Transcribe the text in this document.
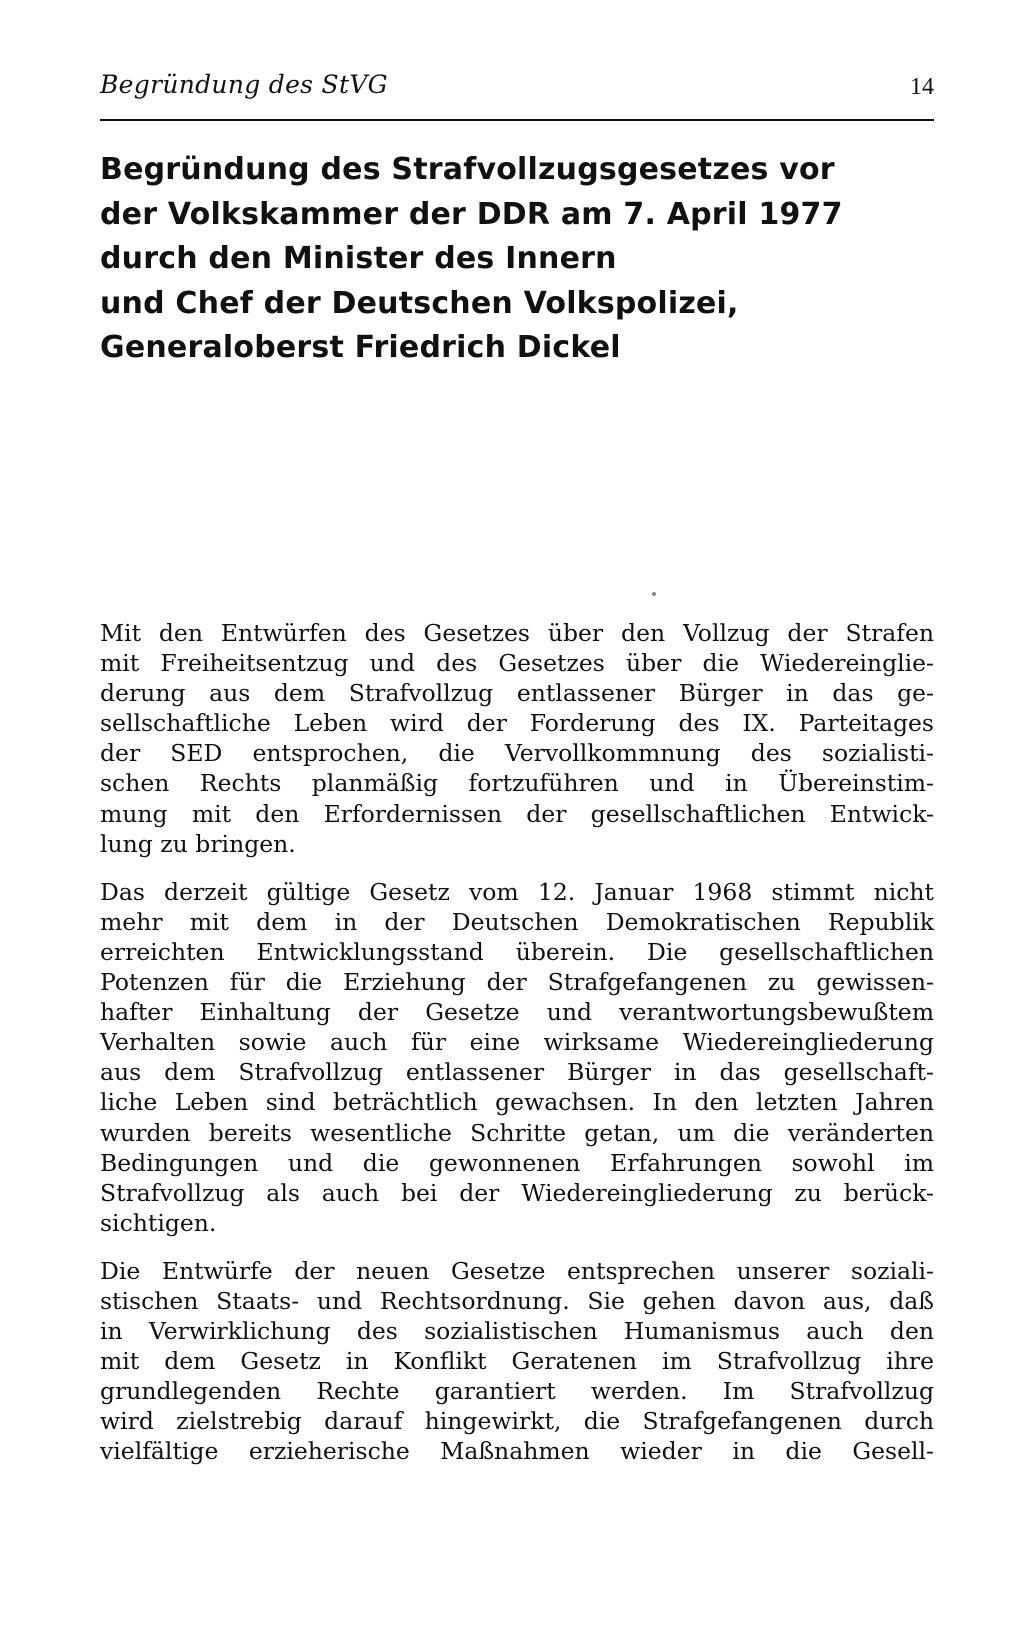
Begründung des StVG	14
Begründung des Strafvollzugsgesetzes vor
der Volkskammer der DDR am 7. April 1977
durch den Minister des Innern
und Chef der Deutschen Volkspolizei,
Generaloberst Friedrich Dickel

Mit den Entwürfen des Gesetzes über den Vollzug der Strafen
mit Freiheitsentzug und des Gesetzes über die Wiedereinglie-
derung aus dem Strafvollzug entlassener Bürger in das ge-
sellschaftliche Leben wird der Forderung des IX. Parteitages
der SED entsprochen, die Vervollkommnung des sozialisti-
schen Rechts planmäßig fortzuführen und in Übereinstim-
mung mit den Erfordernissen der gesellschaftlichen Entwick-
lung zu bringen.

Das derzeit gültige Gesetz vom 12. Januar 1968 stimmt nicht
mehr mit dem in der Deutschen Demokratischen Republik
erreichten Entwicklungsstand überein. Die gesellschaftlichen
Potenzen für die Erziehung der Strafgefangenen zu gewissen-
hafter Einhaltung der Gesetze und verantwortungsbewußtem
Verhalten sowie auch für eine wirksame Wiedereingliederung
aus dem Strafvollzug entlassener Bürger in das gesellschaft-
liche Leben sind beträchtlich gewachsen. In den letzten Jahren
wurden bereits wesentliche Schritte getan, um die veränderten
Bedingungen und die gewonnenen Erfahrungen sowohl im
Strafvollzug als auch bei der Wiedereingliederung zu berück-
sichtigen.

Die Entwürfe der neuen Gesetze entsprechen unserer soziali-
stischen Staats- und Rechtsordnung. Sie gehen davon aus, daß
in Verwirklichung des sozialistischen Humanismus auch den
mit dem Gesetz in Konflikt Geratenen im Strafvollzug ihre
grundlegenden Rechte garantiert werden. Im Strafvollzug
wird zielstrebig darauf hingewirkt, die Strafgefangenen durch
vielfältige erzieherische Maßnahmen wieder in die Gesell-
